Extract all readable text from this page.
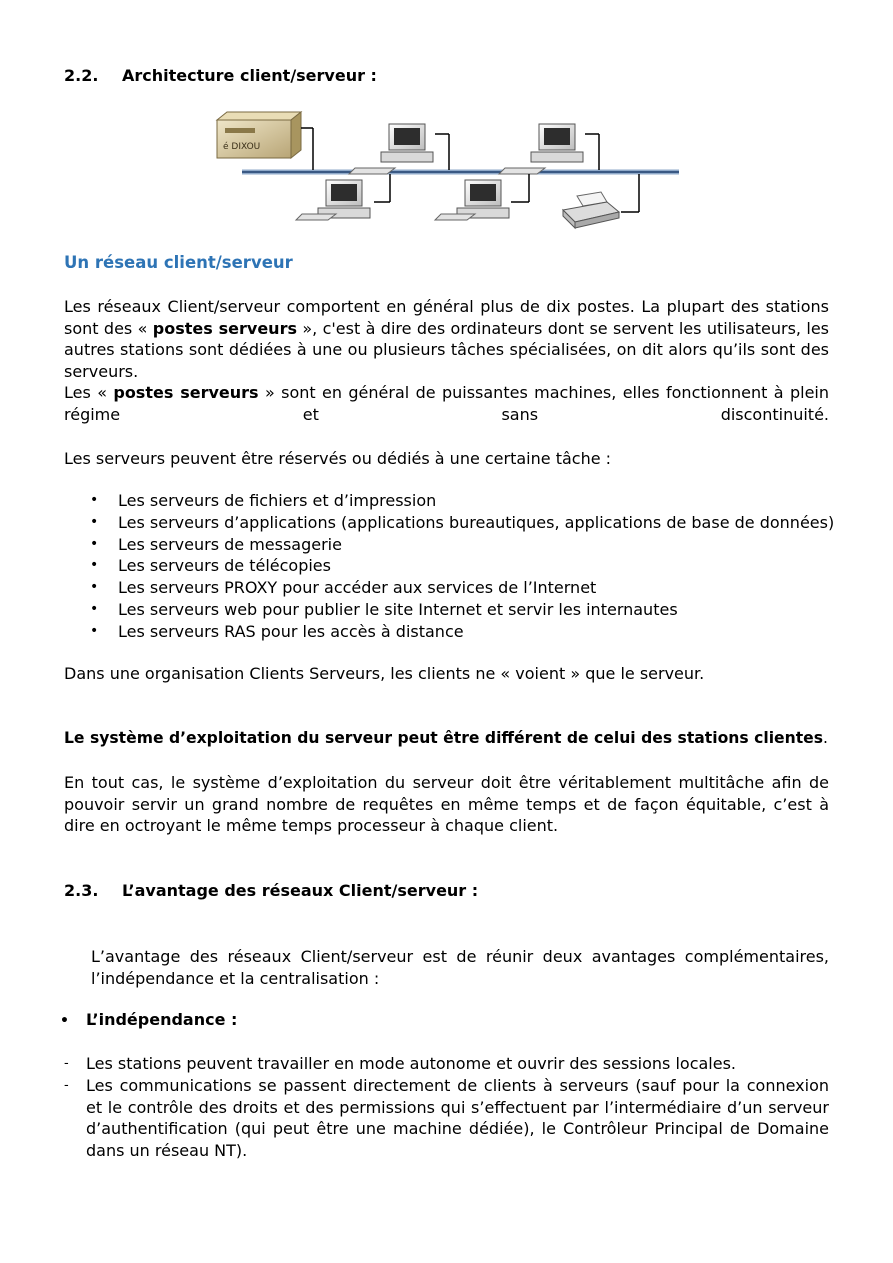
2.2. Architecture client/serveur :
é DIXOU
Un réseau client/serveur

Les réseaux Client/serveur comportent en général plus de dix postes. La plupart des stations sont des « postes serveurs », c'est à dire des ordinateurs dont se servent les utilisateurs, les autres stations sont dédiées à une ou plusieurs tâches spécialisées, on dit alors qu’ils sont des serveurs.

Les « postes serveurs » sont en général de puissantes machines, elles fonctionnent à plein

régime	et	sans	discontinuité.

Les serveurs peuvent être réservés ou dédiés à une certaine tâche :

• Les serveurs de fichiers et d’impression
• Les serveurs d’applications (applications bureautiques, applications de base de données)
• Les serveurs de messagerie
• Les serveurs de télécopies
• Les serveurs PROXY pour accéder aux services de l’Internet
• Les serveurs web pour publier le site Internet et servir les internautes
• Les serveurs RAS pour les accès à distance

Dans une organisation Clients Serveurs, les clients ne « voient » que le serveur.

Le système d’exploitation du serveur peut être différent de celui des stations clientes.

En tout cas, le système d’exploitation du serveur doit être véritablement multitâche afin de pouvoir servir un grand nombre de requêtes en même temps et de façon équitable, c’est à dire en octroyant le même temps processeur à chaque client.

2.3. L’avantage des réseaux Client/serveur :

L’avantage des réseaux Client/serveur est de réunir deux avantages complémentaires, l’indépendance et la centralisation :

• L’indépendance :
- Les stations peuvent travailler en mode autonome et ouvrir des sessions locales.
- Les communications se passent directement de clients à serveurs (sauf pour la connexion et le contrôle des droits et des permissions qui s’effectuent par l’intermédiaire d’un serveur d’authentification (qui peut être une machine dédiée), le Contrôleur Principal de Domaine dans un réseau NT).
